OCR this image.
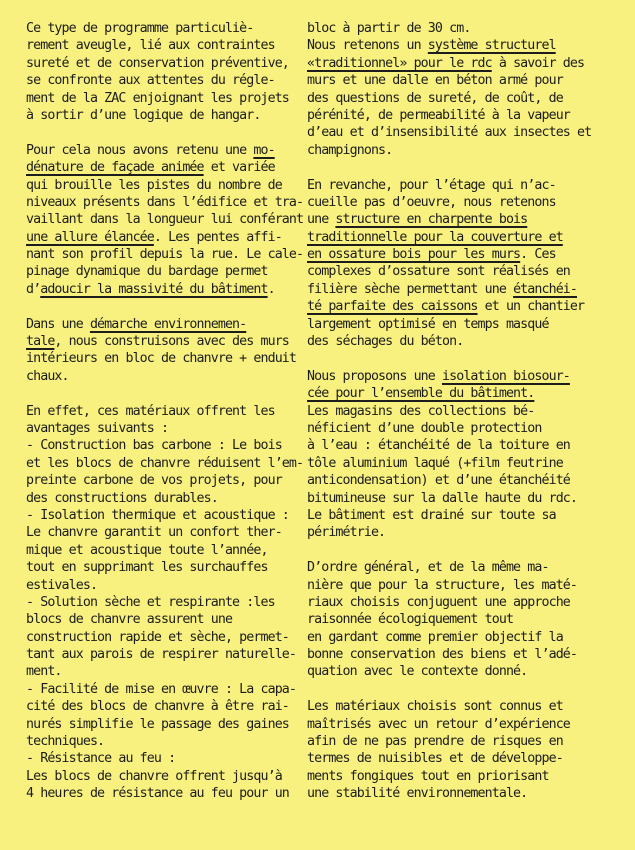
Ce type de programme particuliè-
rement aveugle, lié aux contraintes
sureté et de conservation préventive,
se confronte aux attentes du régle-
ment de la ZAC enjoignant les projets
à sortir d’une logique de hangar.
Pour cela nous avons retenu une mo-
dénature de façade animée et variée
qui brouille les pistes du nombre de
niveaux présents dans l’édifice et tra-
vaillant dans la longueur lui conférant
une allure élancée. Les pentes affi-
nant son profil depuis la rue. Le cale-
pinage dynamique du bardage permet
d’adoucir la massivité du bâtiment.
Dans une démarche environnemen-
tale, nous construisons avec des murs
intérieurs en bloc de chanvre + enduit
chaux.
En effet, ces matériaux offrent les
avantages suivants :
- Construction bas carbone : Le bois
et les blocs de chanvre réduisent l’em-
preinte carbone de vos projets, pour
des constructions durables.
- Isolation thermique et acoustique :
Le chanvre garantit un confort ther-
mique et acoustique toute l’année,
tout en supprimant les surchauffes
estivales.
- Solution sèche et respirante :les
blocs de chanvre assurent une
construction rapide et sèche, permet-
tant aux parois de respirer naturelle-
ment.
- Facilité de mise en œuvre : La capa-
cité des blocs de chanvre à être rai-
nurés simplifie le passage des gaines
techniques.
- Résistance au feu :
Les blocs de chanvre offrent jusqu’à
4 heures de résistance au feu pour un
bloc à partir de 30 cm.
Nous retenons un système structurel
«traditionnel» pour le rdc à savoir des
murs et une dalle en béton armé pour
des questions de sureté, de coût, de
pérénité, de permeabilité à la vapeur
d’eau et d’insensibilité aux insectes et
champignons.
En revanche, pour l’étage qui n’ac-
cueille pas d’oeuvre, nous retenons
une structure en charpente bois
traditionnelle pour la couverture et
en ossature bois pour les murs. Ces
complexes d’ossature sont réalisés en
filière sèche permettant une étanchéi-
té parfaite des caissons et un chantier
largement optimisé en temps masqué
des séchages du béton.
Nous proposons une isolation biosour-
cée pour l’ensemble du bâtiment.
Les magasins des collections bé-
néficient d’une double protection
à l’eau : étanchéité de la toiture en
tôle aluminium laqué (+film feutrine
anticondensation) et d’une étanchéité
bitumineuse sur la dalle haute du rdc.
Le bâtiment est drainé sur toute sa
périmétrie.
D’ordre général, et de la même ma-
nière que pour la structure, les maté-
riaux choisis conjuguent une approche
raisonnée écologiquement tout
en gardant comme premier objectif la
bonne conservation des biens et l’adé-
quation avec le contexte donné.
Les matériaux choisis sont connus et
maîtrisés avec un retour d’expérience
afin de ne pas prendre de risques en
termes de nuisibles et de développe-
ments fongiques tout en priorisant
une stabilité environnementale.
